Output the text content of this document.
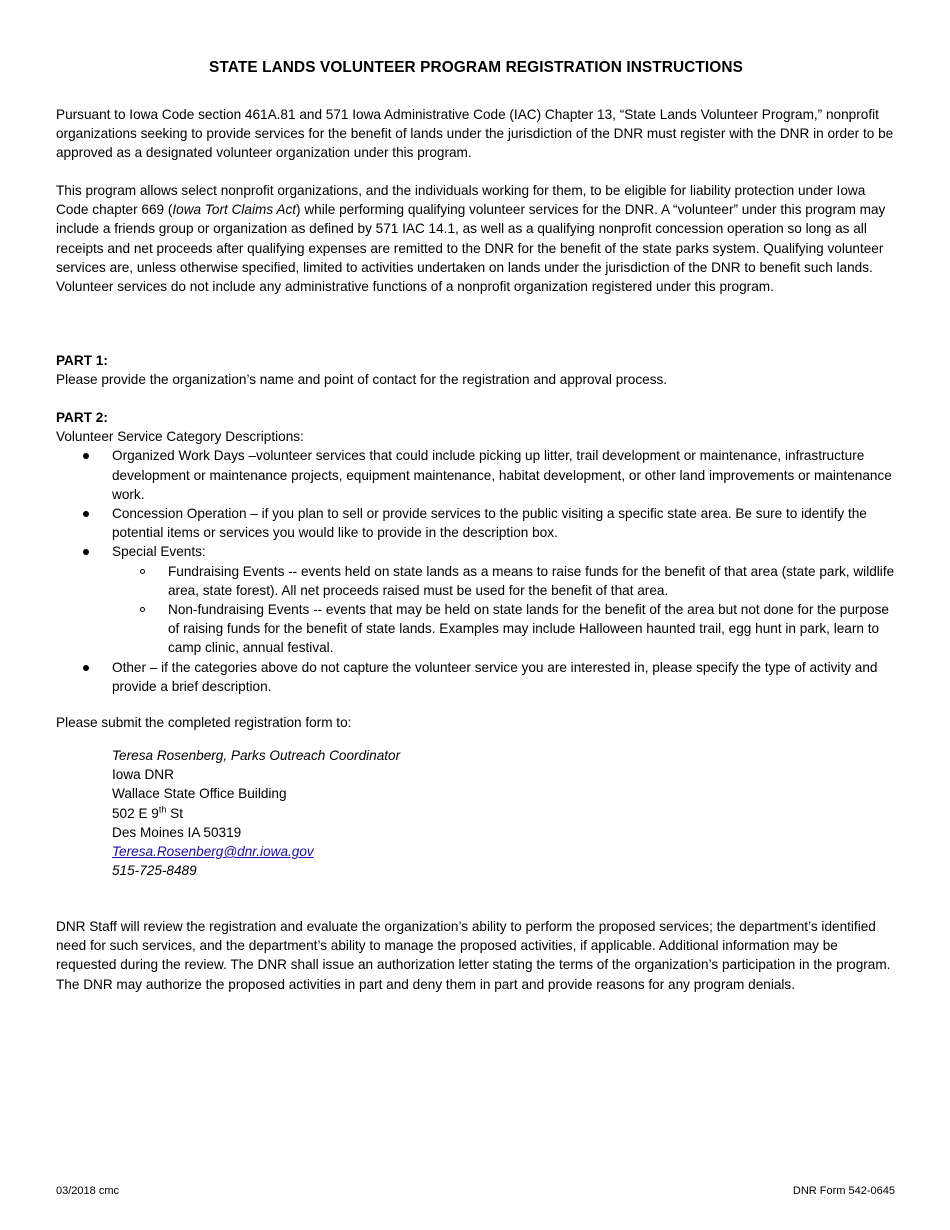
STATE LANDS VOLUNTEER PROGRAM REGISTRATION INSTRUCTIONS

Pursuant to Iowa Code section 461A.81 and 571 Iowa Administrative Code (IAC) Chapter 13, “State Lands Volunteer Program,” nonprofit organizations seeking to provide services for the benefit of lands under the jurisdiction of the DNR must register with the DNR in order to be approved as a designated volunteer organization under this program.

This program allows select nonprofit organizations, and the individuals working for them, to be eligible for liability protection under Iowa Code chapter 669 (Iowa Tort Claims Act) while performing qualifying volunteer services for the DNR. A “volunteer” under this program may include a friends group or organization as defined by 571 IAC 14.1, as well as a qualifying nonprofit concession operation so long as all receipts and net proceeds after qualifying expenses are remitted to the DNR for the benefit of the state parks system. Qualifying volunteer services are, unless otherwise specified, limited to activities undertaken on lands under the jurisdiction of the DNR to benefit such lands. Volunteer services do not include any administrative functions of a nonprofit organization registered under this program.

PART 1:

Please provide the organization’s name and point of contact for the registration and approval process.

PART 2:

Volunteer Service Category Descriptions:

Organized Work Days –volunteer services that could include picking up litter, trail development or maintenance, infrastructure development or maintenance projects, equipment maintenance, habitat development, or other land improvements or maintenance work.
Concession Operation – if you plan to sell or provide services to the public visiting a specific state area. Be sure to identify the potential items or services you would like to provide in the description box.
Special Events:
Fundraising Events -- events held on state lands as a means to raise funds for the benefit of that area (state park, wildlife area, state forest). All net proceeds raised must be used for the benefit of that area.
Non-fundraising Events -- events that may be held on state lands for the benefit of the area but not done for the purpose of raising funds for the benefit of state lands. Examples may include Halloween haunted trail, egg hunt in park, learn to camp clinic, annual festival.
Other – if the categories above do not capture the volunteer service you are interested in, please specify the type of activity and provide a brief description.

Please submit the completed registration form to:

Teresa Rosenberg, Parks Outreach Coordinator
Iowa DNR
Wallace State Office Building
502 E 9th St
Des Moines IA 50319
Teresa.Rosenberg@dnr.iowa.gov
515-725-8489

DNR Staff will review the registration and evaluate the organization’s ability to perform the proposed services; the department’s identified need for such services, and the department’s ability to manage the proposed activities, if applicable. Additional information may be requested during the review. The DNR shall issue an authorization letter stating the terms of the organization’s participation in the program. The DNR may authorize the proposed activities in part and deny them in part and provide reasons for any program denials.

03/2018 cmc	DNR Form 542-0645
